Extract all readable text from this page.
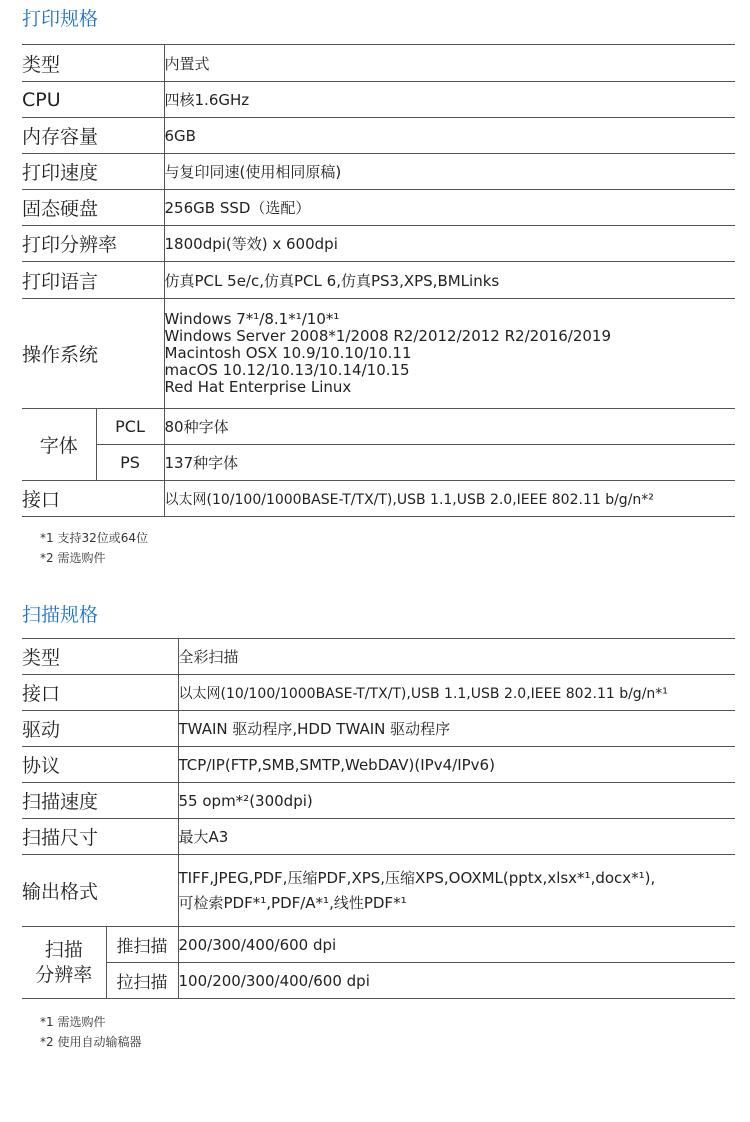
打印规格
类型		内置式
CPU		四核1.6GHz
内存容量		6GB
打印速度		与复印同速(使用相同原稿)
固态硬盘		256GB SSD（选配）
打印分辨率		1800dpi(等效) x 600dpi
打印语言		仿真PCL 5e/c,仿真PCL 6,仿真PS3,XPS,BMLinks
操作系统		Windows 7*¹/8.1*¹/10*¹
Windows Server 2008*1/2008 R2/2012/2012 R2/2016/2019
Macintosh OSX 10.9/10.10/10.11
macOS 10.12/10.13/10.14/10.15
Red Hat Enterprise Linux

字体	PCL	80种字体
	PS	137种字体
接口		以太网(10/100/1000BASE-T/TX/T),USB 1.1,USB 2.0,IEEE 802.11 b/g/n*²

*1 支持32位或64位

*2 需选购件

扫描规格
类型		全彩扫描
接口		以太网(10/100/1000BASE-T/TX/T),USB 1.1,USB 2.0,IEEE 802.11 b/g/n*¹
驱动		TWAIN 驱动程序,HDD TWAIN 驱动程序
协议		TCP/IP(FTP,SMB,SMTP,WebDAV)(IPv4/IPv6)
扫描速度		55 opm*²(300dpi)
扫描尺寸		最大A3
输出格式		TIFF,JPEG,PDF,压缩PDF,XPS,压缩XPS,OOXML(pptx,xlsx*¹,docx*¹),
可检索PDF*¹,PDF/A*¹,线性PDF*¹

扫描
分辨率	推扫描	200/300/400/600 dpi
	拉扫描	100/200/300/400/600 dpi

*1 需选购件

*2 使用自动输稿器
